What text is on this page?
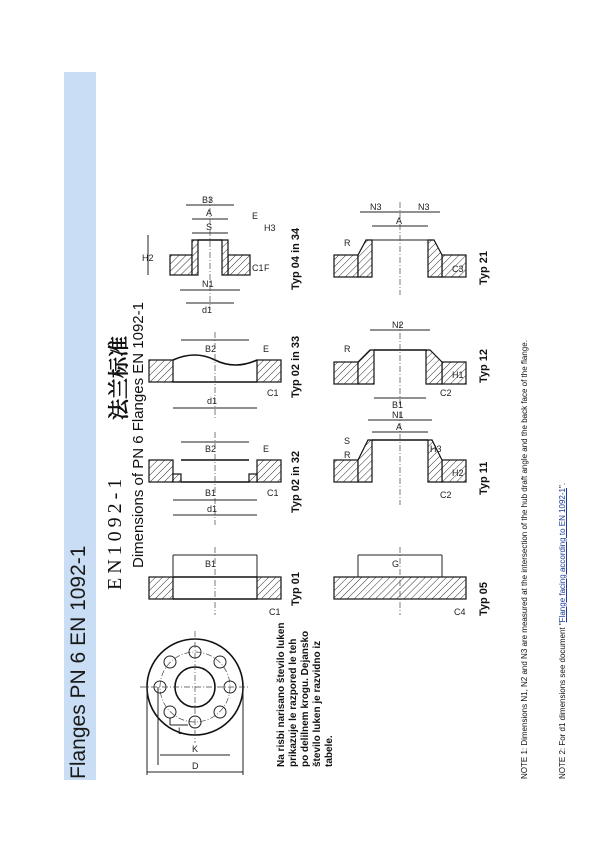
Flanges PN 6 EN 1092-1
EN1092-1
法兰标准 Dimensions of PN 6 Flanges EN 1092-1
D
K
L	Na risbi narisano število luken prikazuje le razpored le teh po delilnem krogu. Dejansko število luken je razvidno iz tabele.
B1
C1
Typ 01
B2
B1
d1
E
C1 Typ 02 in 32
B2
d1
E
C1 Typ 02 in 33
B3
A
S
N1
d1
H2
E
H3
C1 F Typ 04 in 34
G
C4 Typ 05
N1
A
S
R
H3
H2
C2 Typ 11
N2
R
B1
H1
C2
Typ 12
N3	N3
A
R
C3 Typ 21
NOTE 1: Dimensions N1, N2 and N3 are measured at the intersection of the hub draft angle and the back face of the flange.	NOTE 2: For d1 dimensions see document "Flange facing according to EN 1092-1".
